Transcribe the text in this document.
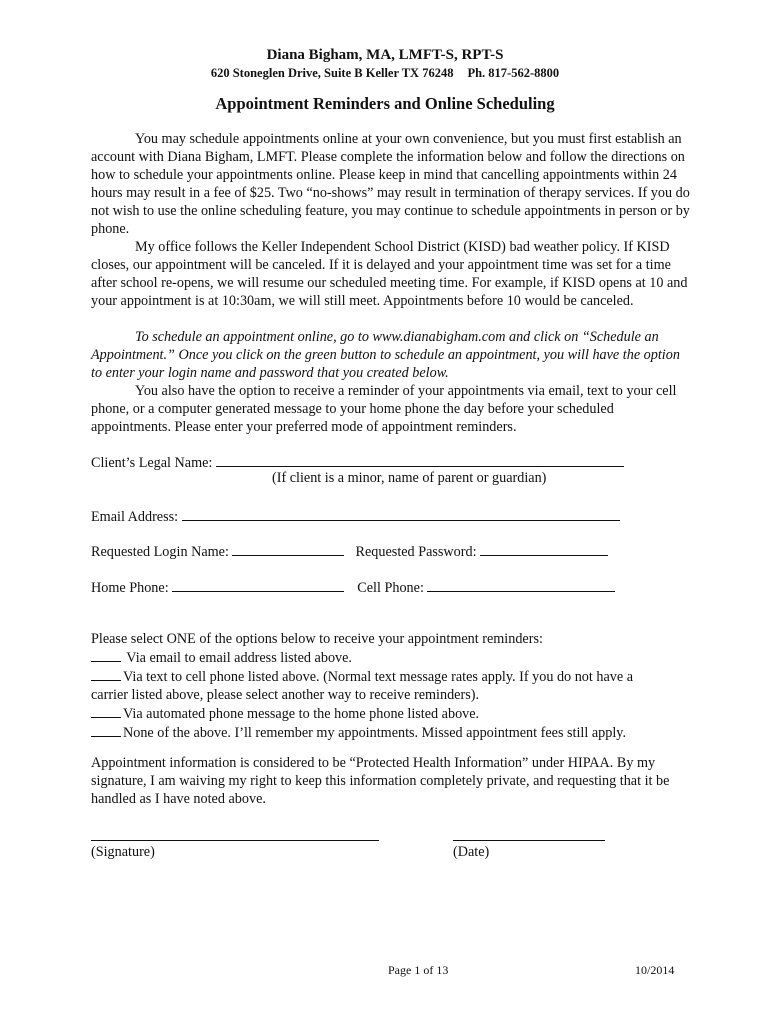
Diana Bigham, MA, LMFT-S, RPT-S
620 Stoneglen Drive, Suite B Keller TX 76248 Ph. 817-562-8800
Appointment Reminders and Online Scheduling

You may schedule appointments online at your own convenience, but you must first establish an account with Diana Bigham, LMFT. Please complete the information below and follow the directions on how to schedule your appointments online. Please keep in mind that cancelling appointments within 24 hours may result in a fee of $25. Two “no-shows” may result in termination of therapy services. If you do not wish to use the online scheduling feature, you may continue to schedule appointments in person or by phone.

My office follows the Keller Independent School District (KISD) bad weather policy. If KISD closes, our appointment will be canceled. If it is delayed and your appointment time was set for a time after school re-opens, we will resume our scheduled meeting time. For example, if KISD opens at 10 and your appointment is at 10:30am, we will still meet. Appointments before 10 would be canceled.

To schedule an appointment online, go to www.dianabigham.com and click on “Schedule an Appointment.” Once you click on the green button to schedule an appointment, you will have the option to enter your login name and password that you created below.

You also have the option to receive a reminder of your appointments via email, text to your cell phone, or a computer generated message to your home phone the day before your scheduled appointments. Please enter your preferred mode of appointment reminders.

Client’s Legal Name:
(If client is a minor, name of parent or guardian)
Email Address:
Requested Login Name:	Requested Password:
Home Phone:	Cell Phone:
Please select ONE of the options below to receive your appointment reminders:
Via email to email address listed above.
Via text to cell phone listed above. (Normal text message rates apply. If you do not have a
carrier listed above, please select another way to receive reminders).
Via automated phone message to the home phone listed above.
None of the above. I’ll remember my appointments. Missed appointment fees still apply.

Appointment information is considered to be “Protected Health Information” under HIPAA. By my signature, I am waiving my right to keep this information completely private, and requesting that it be handled as I have noted above.

(Signature)	(Date)
Page 1 of 13	10/2014
